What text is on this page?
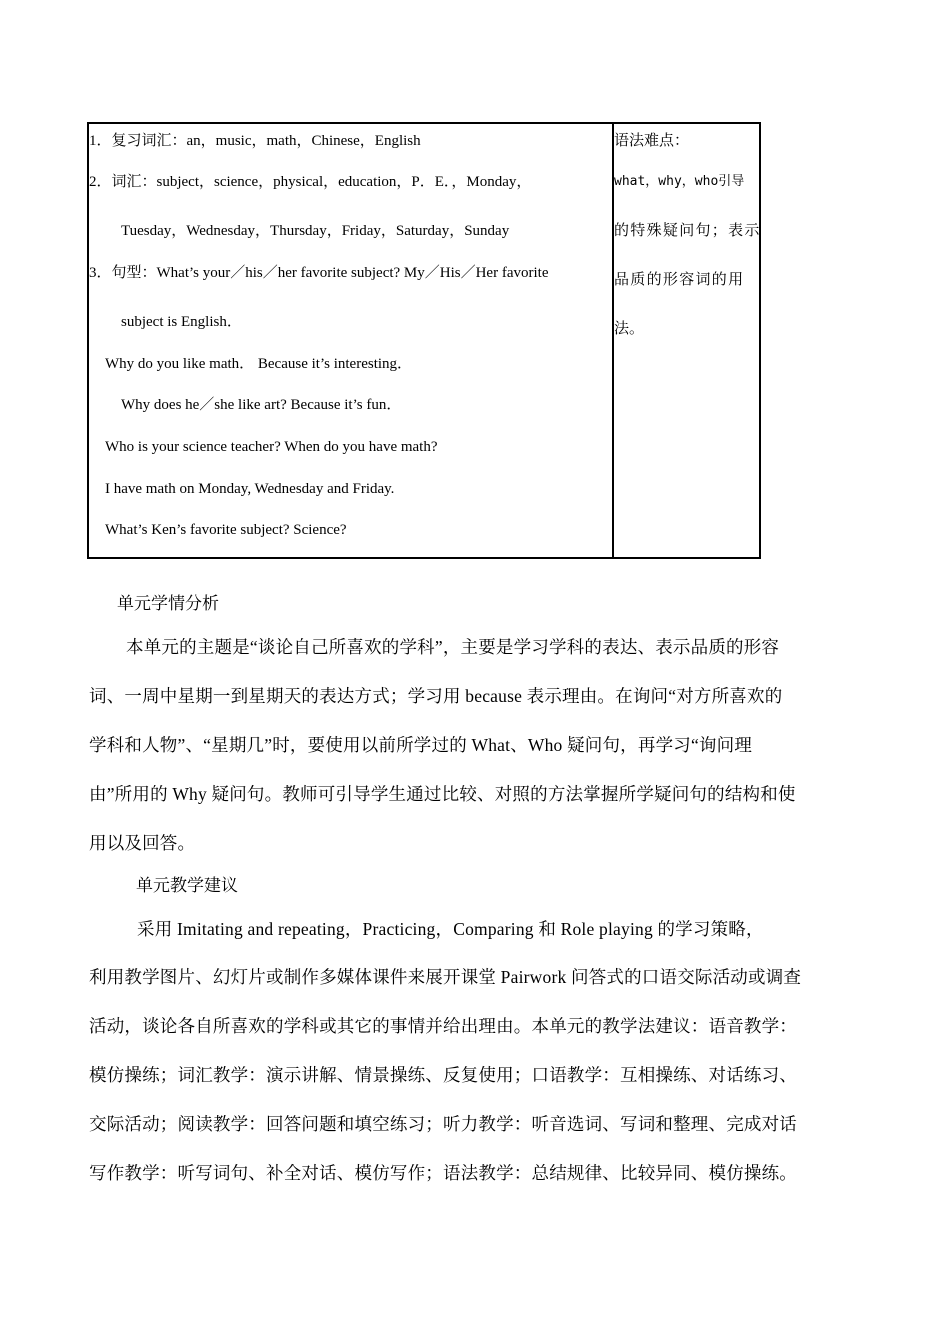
1．复习词汇：an，music，math，Chinese，English
2．词汇：subject，science，physical，education，P．E．，Monday，
Tuesday，Wednesday，Thursday，Friday，Saturday，Sunday
3．句型：What’s your／his／her favorite subject? My／His／Her favorite
subject is English．
Why do you like math． Because it’s interesting．
Why does he／she like art? Because it’s fun．
Who is your science teacher? When do you have math?
I have math on Monday, Wednesday and Friday.
What’s Ken’s favorite subject? Science?
语法难点：
what，why，who引导
的特殊疑问句；表示
品质的形容词的用
法。
单元学情分析
本单元的主题是“谈论自己所喜欢的学科”，主要是学习学科的表达、表示品质的形容
词、一周中星期一到星期天的表达方式；学习用 because 表示理由。在询问“对方所喜欢的
学科和人物”、“星期几”时，要使用以前所学过的 What、Who 疑问句，再学习“询问理
由”所用的 Why 疑问句。教师可引导学生通过比较、对照的方法掌握所学疑问句的结构和使
用以及回答。
单元教学建议
采用 Imitating and repeating，Practicing，Comparing 和 Role playing 的学习策略，
利用教学图片、幻灯片或制作多媒体课件来展开课堂 Pairwork 问答式的口语交际活动或调查
活动，谈论各自所喜欢的学科或其它的事情并给出理由。本单元的教学法建议：语音教学：
模仿操练；词汇教学：演示讲解、情景操练、反复使用；口语教学：互相操练、对话练习、
交际活动；阅读教学：回答问题和填空练习；听力教学：听音选词、写词和整理、完成对话
写作教学：听写词句、补全对话、模仿写作；语法教学：总结规律、比较异同、模仿操练。
